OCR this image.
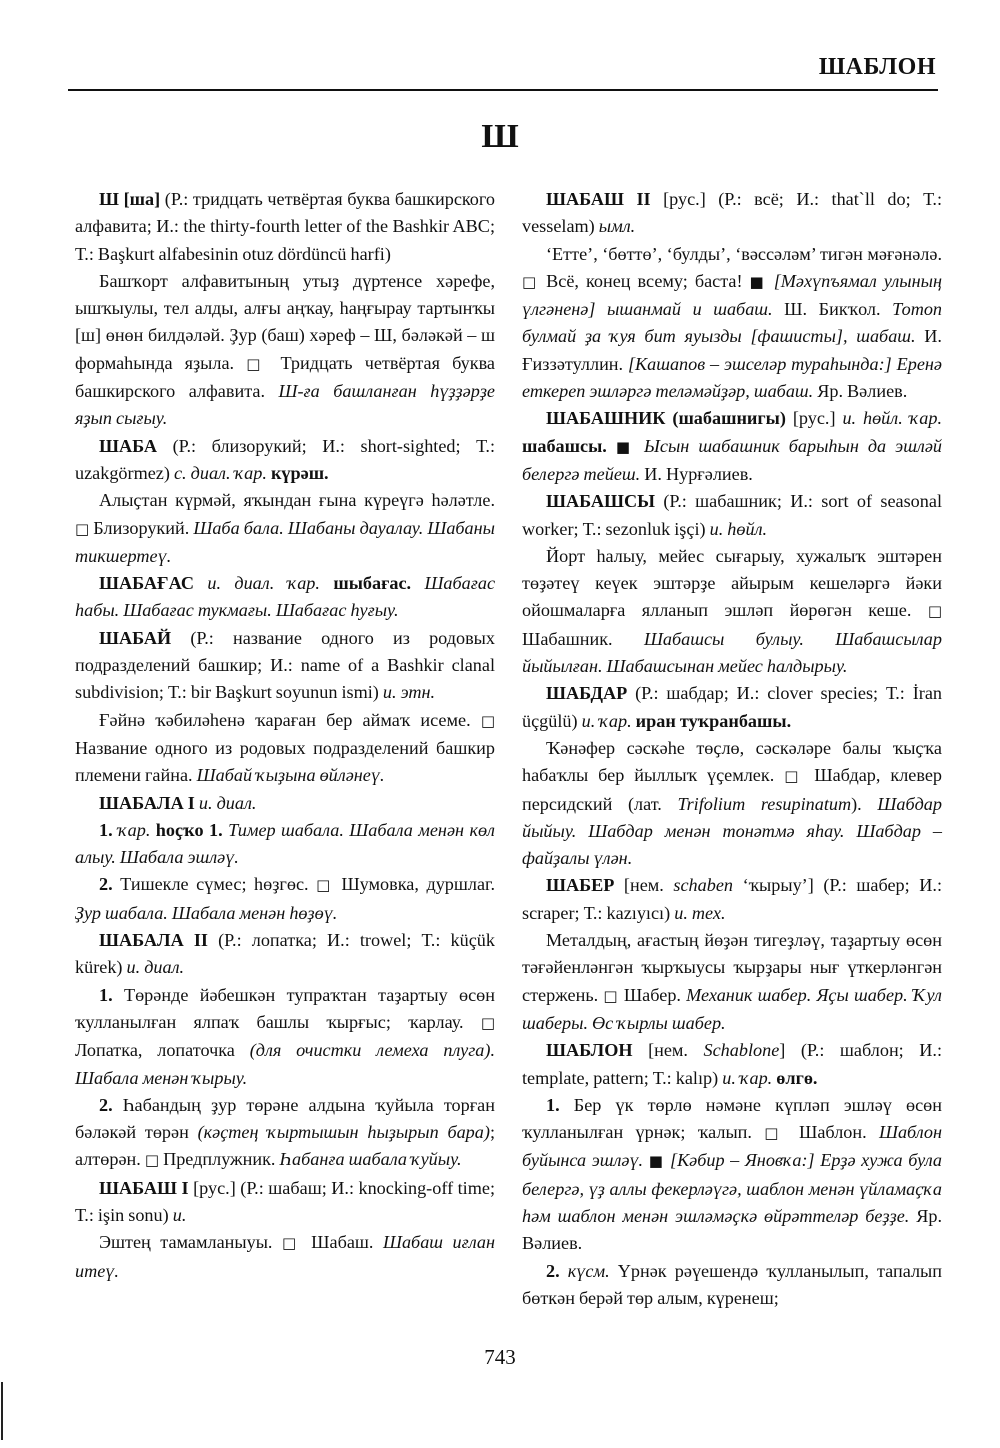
ШАБЛОН
Ш

Ш [ша] (Р.: тридцать четвёртая буква башкирского алфавита; И.: the thirty-fourth letter of the Bashkir ABC; Т.: Başkurt alfabesinin otuz dördüncü harfi)

Башҡорт алфавитының утыҙ дүртенсе хәрефе, ышҡыулы, тел алды, алғы аңҡау, һаңғырау тартынҡы [ш] өнөн билдәләй. Ҙур (баш) хәреф – Ш, бәләкәй – ш формаһында яҙыла. □ Тридцать четвёртая буква башкирского алфавита. Ш-ға башланған һүҙҙәрҙе яҙып сығыу.

ШАБА (Р.: близорукий; И.: short-sighted; Т.: uzakgörmez) с. диал. ҡар. күрәш.

Алыҫтан күрмәй, яҡындан ғына күреүгә һәләтле. □ Близорукий. Шаба бала. Шабаны дауалау. Шабаны тикшертеү.

ШАБАҒАС и. диал. ҡар. шыбағас. Шабағас һабы. Шабағас тукмағы. Шабағас һуғыу.

ШАБАЙ (Р.: название одного из родовых подразделений башкир; И.: name of a Bashkir clanal subdivision; Т.: bir Başkurt soyunun ismi) и. этн.

Ғәйнә ҡәбиләһенә ҡараған бер аймаҡ исеме. □ Название одного из родовых подразделений башкир племени гайна. Шабай ҡыҙына өйләнеү.

ШАБАЛА I и. диал.

1. ҡар. һоҫҡо 1. Тимер шабала. Шабала менән көл алыу. Шабала эшләү.

2. Тишекле сүмес; һөҙгөс. □ Шумовка, дуршлаг. Ҙур шабала. Шабала менән һөҙөү.

ШАБАЛА II (Р.: лопатка; И.: trowel; Т.: küçük kürek) и. диал.

1. Төрәнде йәбешкән тупраҡтан таҙартыу өсөн ҡулланылған ялпаҡ башлы ҡырғыс; ҡарлау. □ Лопатка, лопаточка (для очистки лемеха плуга). Шабала менән ҡырыу.

2. Һабандың ҙур төрәне алдына ҡуйыла торған бәләкәй төрән (кәҫтең ҡыртышын һыҙырып бара); алтөрән. □ Предплужник. Һабанға шабала ҡуйыу.

ШАБАШ I [рус.] (Р.: шабаш; И.: knocking-off time; Т.: işin sonu) и.

Эштең тамамланыуы. □ Шабаш. Шабаш иғлан итеү.

ШАБАШ II [рус.] (Р.: всё; И.: that`ll do; Т.: vesselam) ымл.

‘Етте’, ‘бөттө’, ‘булды’, ‘вәссәләм’ тигән мәғәнәлә. □ Всё, конец всему; баста! ■ [Мәхүпъямал улының үлгәненә] ышанмай и шабаш. Ш. Бикҡол. Тотоп булмай ҙа ҡуя бит яуызды [фашисты], шабаш. И. Ғиззәтуллин. [Кашапов – эшселәр тураһында:] Еренә еткереп эшләргә теләмәйҙәр, шабаш. Яр. Вәлиев.

ШАБАШНИК (шабашнигы) [рус.] и. һөйл. ҡар. шабашсы. ■ Ысын шабашник барыһын да эшләй белергә тейеш. И. Нурғәлиев.

ШАБАШСЫ (Р.: шабашник; И.: sort of seasonal worker; Т.: sezonluk işçi) и. һөйл.

Йорт һалыу, мейес сығарыу, хужалыҡ эштәрен төҙәтеү кеүек эштәрҙе айырым кешеләргә йәки ойошмаларға ялланып эшләп йөрөгән кеше. □ Шабашник. Шабашсы булыу. Шабашсылар йыйылған. Шабашсынан мейес һалдырыу.

ШАБДАР (Р.: шабдар; И.: clover species; Т.: İran üçgülü) и. ҡар. иран туҡранбашы.

Ҡәнәфер сәскәһе төҫлө, сәскәләре балы ҡыҫҡа һабаҡлы бер йыллыҡ үҫемлек. □ Шабдар, клевер персидский (лат. Trifolium resupinatum). Шабдар йыйыу. Шабдар менән тонәтмә яһау. Шабдар – файҙалы үлән.

ШАБЕР [нем. schaben ‘ҡырыу’] (Р.: шабер; И.: scraper; Т.: kazıyıcı) и. тех.

Металдың, ағастың йөҙән тигеҙләү, таҙартыу өсөн тәғәйенләнгән ҡырҡыусы ҡырҙары нығ үткерләнгән стержень. □ Шабер. Механик шабер. Яҫы шабер. Ҡул шаберы. Өс ҡырлы шабер.

ШАБЛОН [нем. Schablone] (Р.: шаблон; И.: template, pattern; Т.: kalıp) и. ҡар. өлгө.

1. Бер үк төрлө нәмәне күпләп эшләү өсөн ҡулланылған үрнәк; ҡалып. □ Шаблон. Шаблон буйынса эшләү. ■ [Кәбир – Яновҡа:] Ерҙә хужа була белергә, үҙ аллы фекерләүгә, шаблон менән үйламаҫҡа һәм шаблон менән эшләмәҫкә өйрәттеләр беҙҙе. Яр. Вәлиев.

2. күсм. Үрнәк рәүешендә ҡулланылып, тапалып бөткән берәй төр алым, күренеш;

743
